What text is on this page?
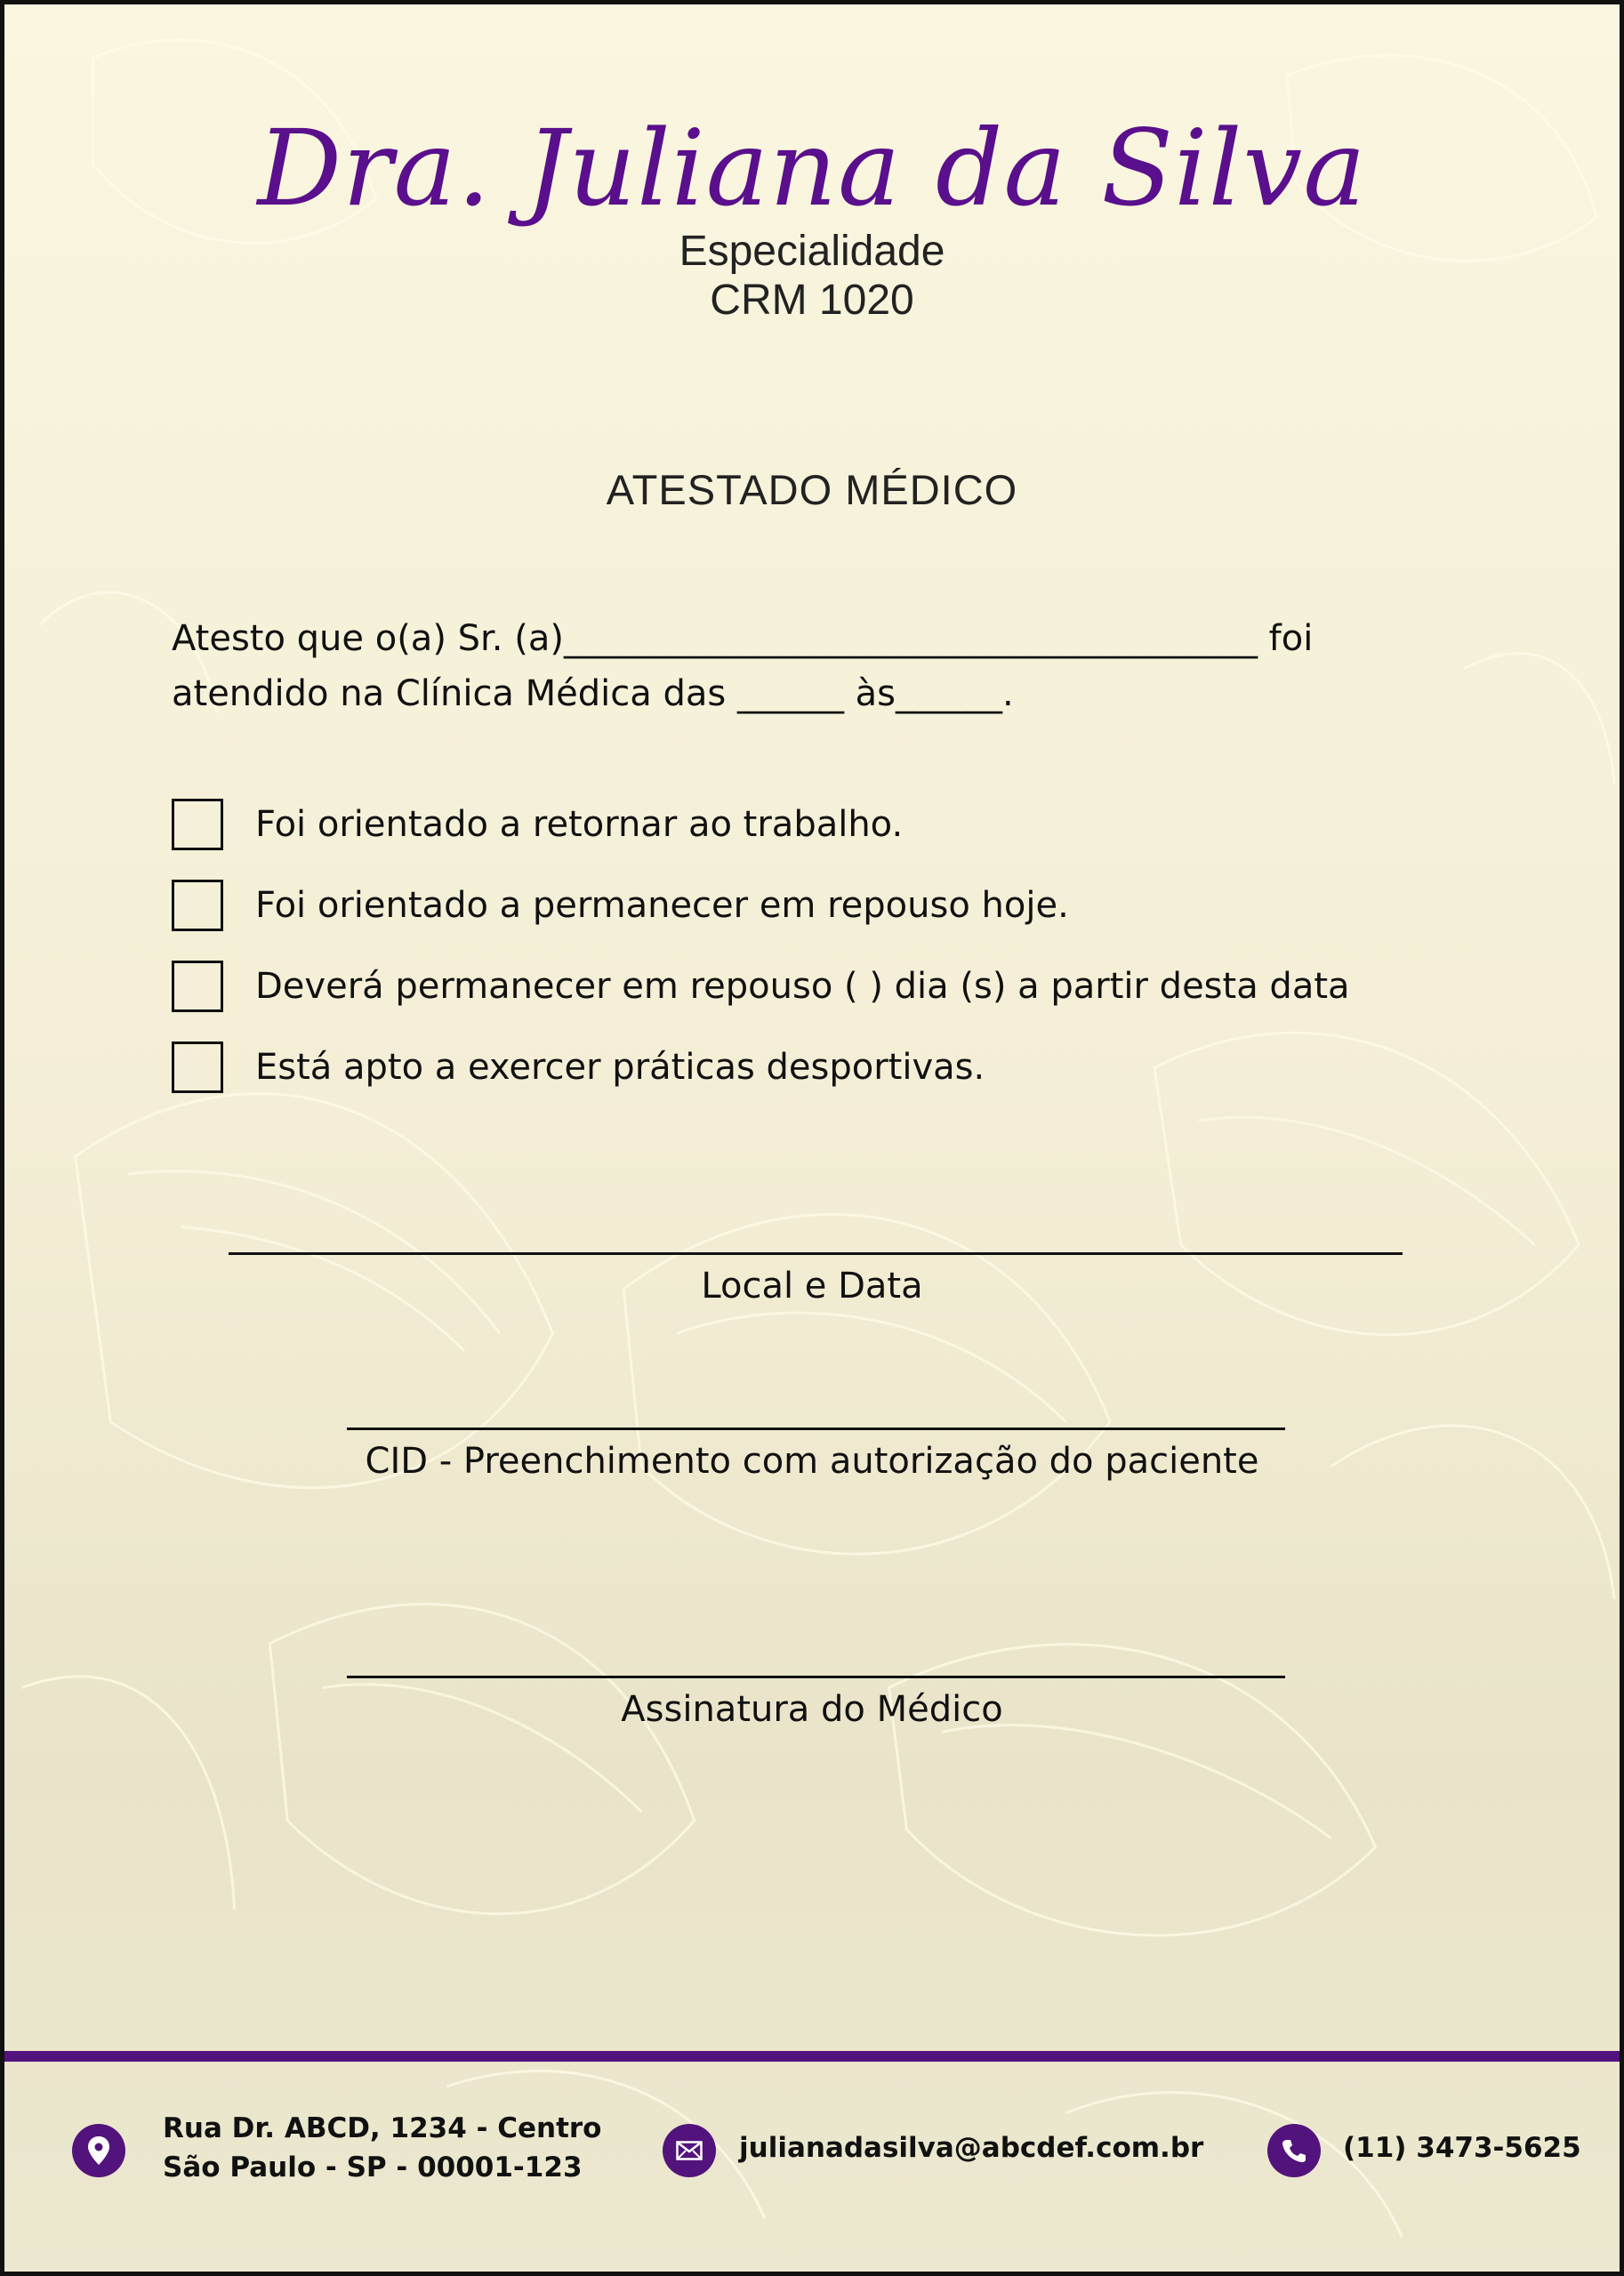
Dra. Juliana da Silva
Especialidade
CRM 1020
ATESTADO MÉDICO
Atesto que o(a) Sr. (a)_______________________________________ foi
atendido na Clínica Médica das ______ às______.
Foi orientado a retornar ao trabalho.
Foi orientado a permanecer em repouso hoje.
Deverá permanecer em repouso ( ) dia (s) a partir desta data
Está apto a exercer práticas desportivas.
Local e Data
CID - Preenchimento com autorização do paciente
Assinatura do Médico
Rua Dr. ABCD, 1234 - Centro
São Paulo - SP - 00001-123
julianadasilva@abcdef.com.br	(11) 3473-5625
